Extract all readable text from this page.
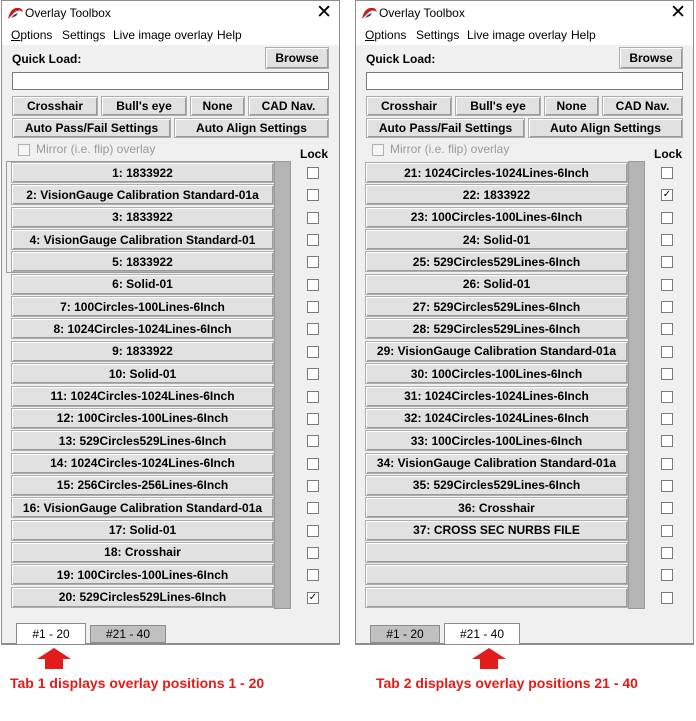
Overlay Toolbox	✕
Options Settings Live image overlay Help
Quick Load:	Browse
Crosshair	Bull's eye	None	CAD Nav.
Auto Pass/Fail Settings	Auto Align Settings
Mirror (i.e. flip) overlay	Lock
#1 - 20	#21 - 40
1: 1833922
2: VisionGauge Calibration Standard-01a
3: 1833922
4: VisionGauge Calibration Standard-01
5: 1833922
6: Solid-01
7: 100Circles-100Lines-6Inch
8: 1024Circles-1024Lines-6Inch
9: 1833922
10: Solid-01
11: 1024Circles-1024Lines-6Inch
12: 100Circles-100Lines-6Inch
13: 529Circles529Lines-6Inch
14: 1024Circles-1024Lines-6Inch
15: 256Circles-256Lines-6Inch
16: VisionGauge Calibration Standard-01a
17: Solid-01
18: Crosshair
19: 100Circles-100Lines-6Inch
20: 529Circles529Lines-6Inch	✓
Overlay Toolbox	✕
Options Settings Live image overlay Help
Quick Load:	Browse
Crosshair	Bull's eye	None	CAD Nav.
Auto Pass/Fail Settings	Auto Align Settings
Mirror (i.e. flip) overlay	Lock
#1 - 20	#21 - 40
21: 1024Circles-1024Lines-6Inch
22: 1833922	✓
23: 100Circles-100Lines-6Inch
24: Solid-01
25: 529Circles529Lines-6Inch
26: Solid-01
27: 529Circles529Lines-6Inch
28: 529Circles529Lines-6Inch
29: VisionGauge Calibration Standard-01a
30: 100Circles-100Lines-6Inch
31: 1024Circles-1024Lines-6Inch
32: 1024Circles-1024Lines-6Inch
33: 100Circles-100Lines-6Inch
34: VisionGauge Calibration Standard-01a
35: 529Circles529Lines-6Inch
36: Crosshair
37: CROSS SEC NURBS FILE
Tab 1 displays overlay positions 1 - 20	Tab 2 displays overlay positions 21 - 40
